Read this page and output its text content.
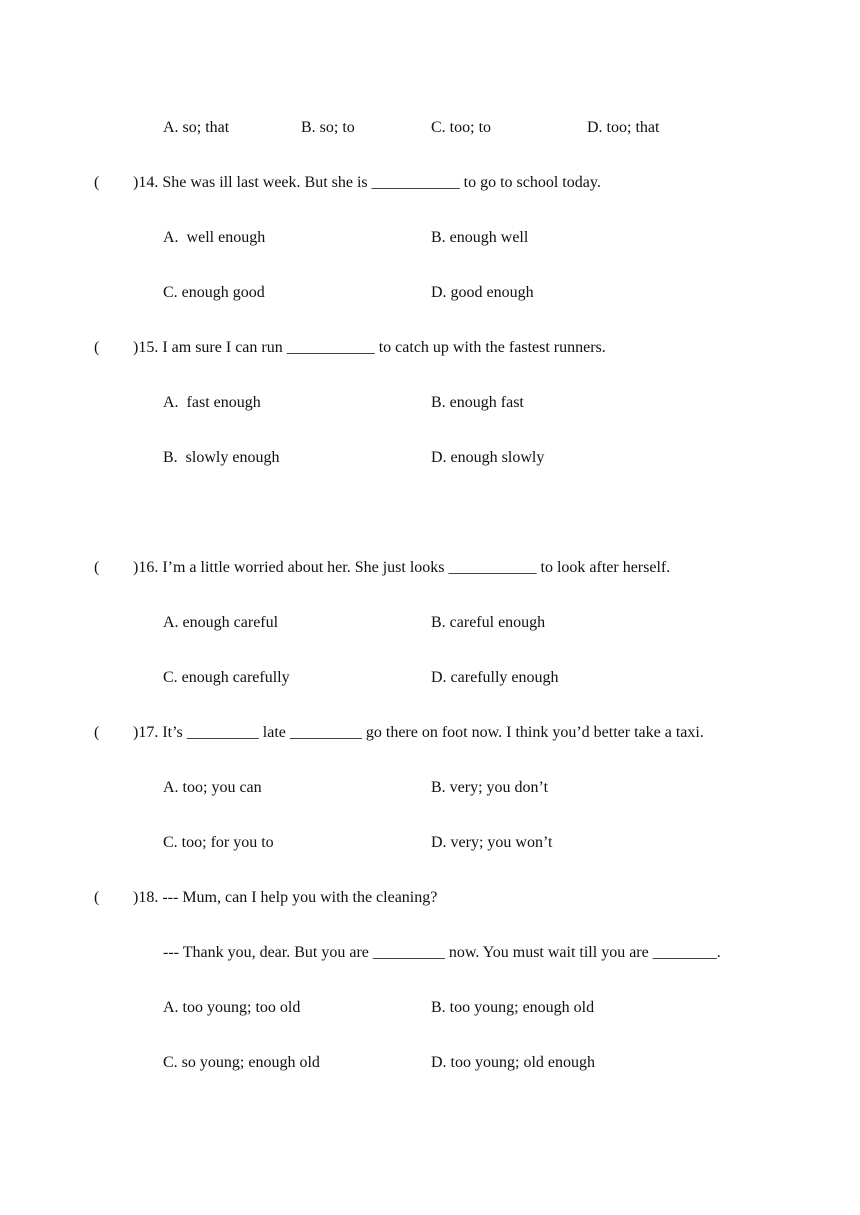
A. so; that	B. so; to	C. too; to	D. too; that
( )14. She was ill last week. But she is ___________ to go to school today.
A.  well enough	B. enough well
C. enough good	D. good enough
( )15. I am sure I can run ___________ to catch up with the fastest runners.
A.  fast enough	B. enough fast
B.  slowly enough	D. enough slowly
( )16. I’m a little worried about her. She just looks ___________ to look after herself.
A. enough careful	B. careful enough
C. enough carefully	D. carefully enough
( )17. It’s _________ late _________ go there on foot now. I think you’d better take a taxi.
A. too; you can	B. very; you don’t
C. too; for you to	D. very; you won’t
( )18. --- Mum, can I help you with the cleaning?
--- Thank you, dear. But you are _________ now. You must wait till you are ________.
A. too young; too old	B. too young; enough old
C. so young; enough old	D. too young; old enough
